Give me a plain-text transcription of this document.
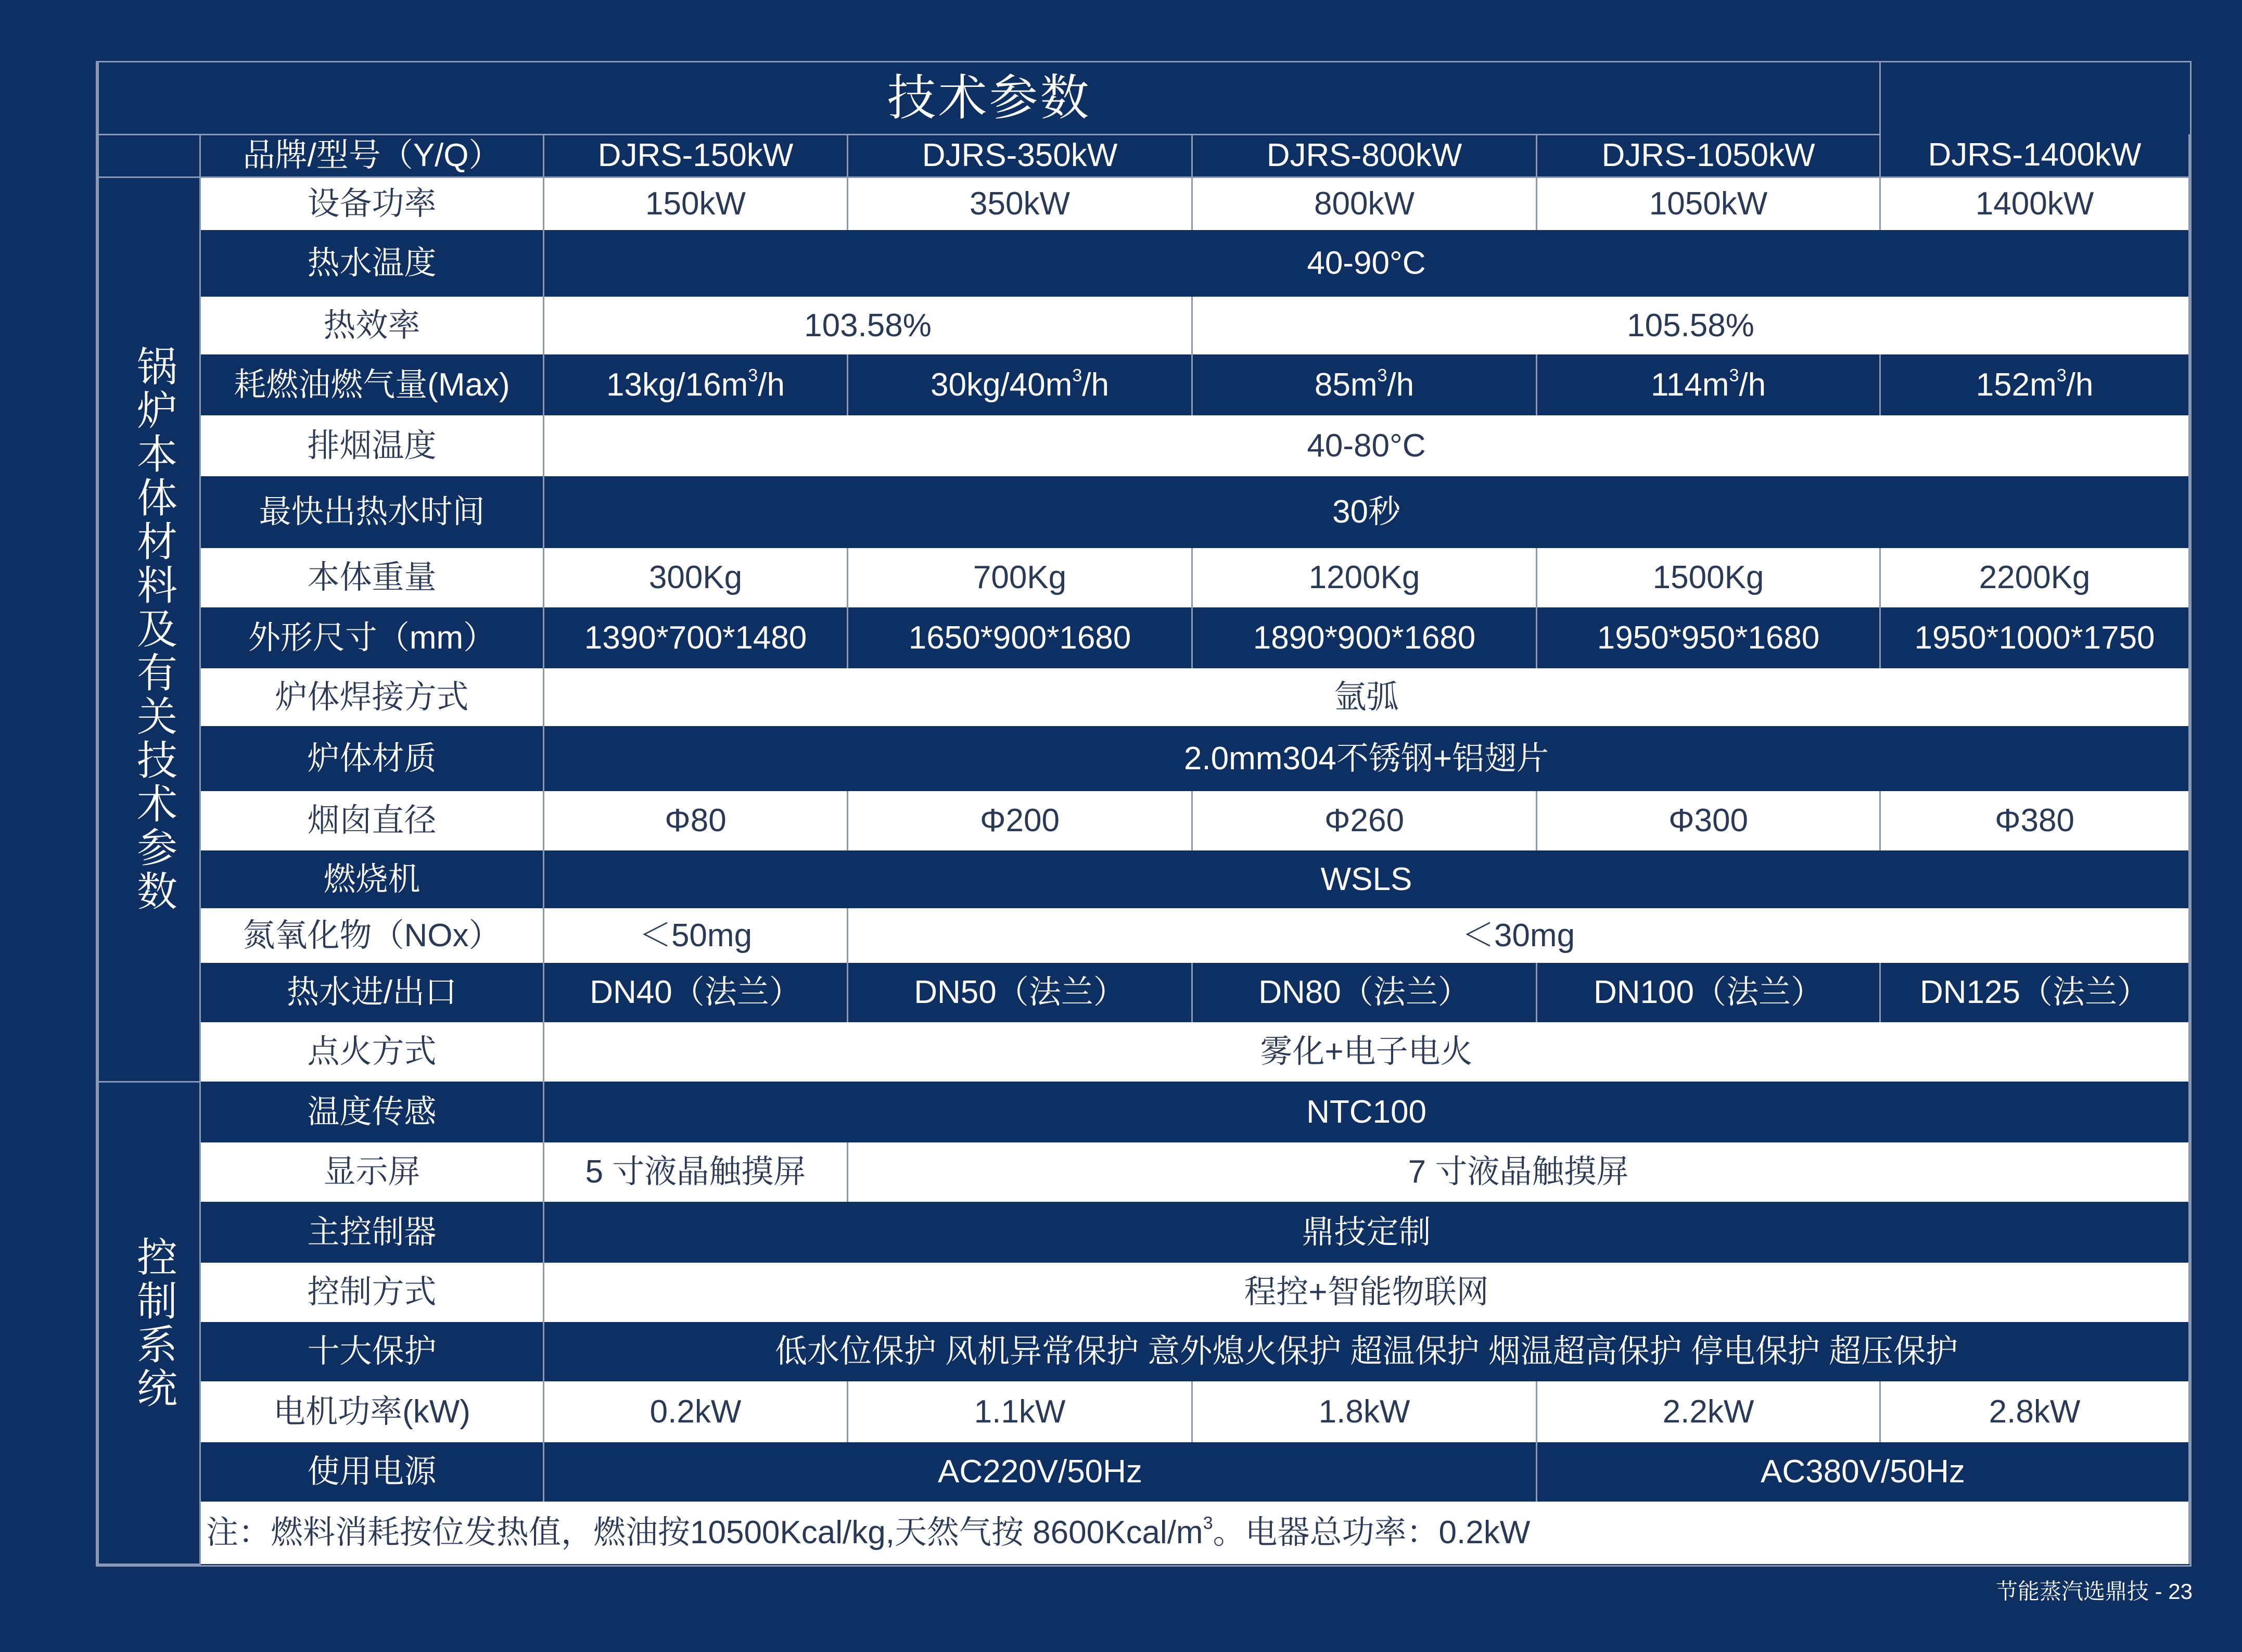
技术参数						
	品牌/型号（Y/Q）	DJRS-150kW	DJRS-350kW	DJRS-800kW	DJRS-1050kW	DJRS-1400kW
锅炉本体材料及有关技术参数	设备功率	150kW	350kW	800kW	1050kW	1400kW
	热水温度	40-90°C				
	热效率	103.58%		105.58%		
	耗燃油燃气量(Max)	$13kg/16m^3/h$	$30kg/40m^3/h$	$85m^3/h$	$114m^3/h$	$152m^3/h$
	排烟温度	40-80°C				
	最快出热水时间	30秒				
	本体重量	300Kg	700Kg	1200Kg	1500Kg	2200Kg
	外形尺寸（mm）	1390*700*1480	1650*900*1680	1890*900*1680	1950*950*1680	1950*1000*1750
	炉体焊接方式	氩弧				
	炉体材质	2.0mm304不锈钢+铝翅片				
	烟囱直径	Φ80	Φ200	Φ260	Φ300	Φ380
	燃烧机	WSLS				
	氮氧化物（NOx）	＜50mg	＜30mg			
	热水进/出口	DN40（法兰）	DN50（法兰）	DN80（法兰）	DN100（法兰）	DN125（法兰）
	点火方式	雾化+电子电火				
控制系统	温度传感	NTC100				
	显示屏	5 寸液晶触摸屏	7 寸液晶触摸屏			
	主控制器	鼎技定制				
	控制方式	程控+智能物联网				
	十大保护	低水位保护 风机异常保护 意外熄火保护 超温保护 烟温超高保护 停电保护 超压保护				
	电机功率(kW)	0.2kW	1.1kW	1.8kW	2.2kW	2.8kW
	使用电源	AC220V/50Hz			AC380V/50Hz	
	注：燃料消耗按位发热值，燃油按10500Kcal/kg,天然气按 $8600Kcal/m^3$。电器总功率：0.2kW					
节能蒸汽选鼎技 - 23
